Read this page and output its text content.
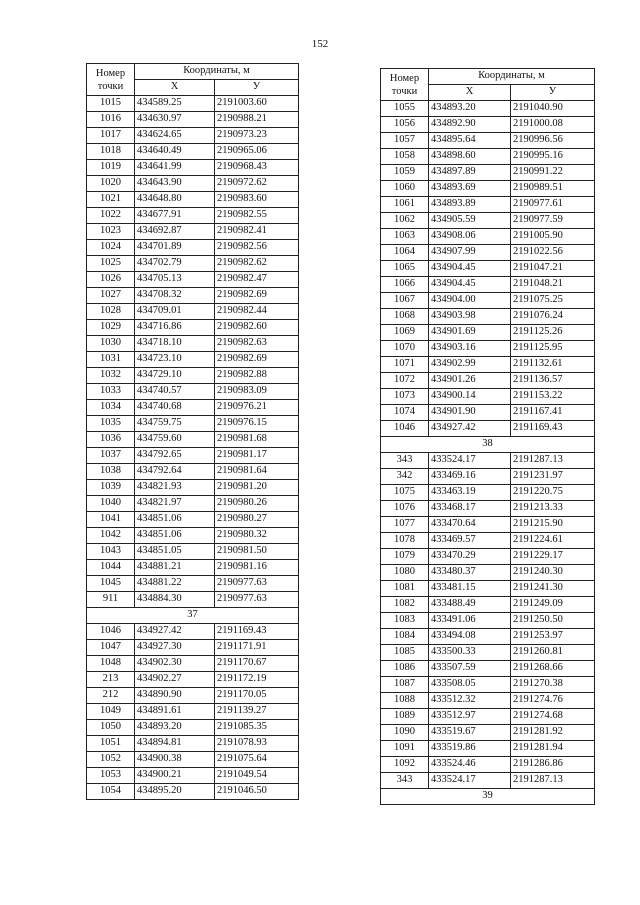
152
Номер
точки	Координаты, м	
	X	У
1015	434589.25	2191003.60
1016	434630.97	2190988.21
1017	434624.65	2190973.23
1018	434640.49	2190965.06
1019	434641.99	2190968.43
1020	434643.90	2190972.62
1021	434648.80	2190983.60
1022	434677.91	2190982.55
1023	434692.87	2190982.41
1024	434701.89	2190982.56
1025	434702.79	2190982.62
1026	434705.13	2190982.47
1027	434708.32	2190982.69
1028	434709.01	2190982.44
1029	434716.86	2190982.60
1030	434718.10	2190982.63
1031	434723.10	2190982.69
1032	434729.10	2190982.88
1033	434740.57	2190983.09
1034	434740.68	2190976.21
1035	434759.75	2190976.15
1036	434759.60	2190981.68
1037	434792.65	2190981.17
1038	434792.64	2190981.64
1039	434821.93	2190981.20
1040	434821.97	2190980.26
1041	434851.06	2190980.27
1042	434851.06	2190980.32
1043	434851.05	2190981.50
1044	434881.21	2190981.16
1045	434881.22	2190977.63
911	434884.30	2190977.63
37		
1046	434927.42	2191169.43
1047	434927.30	2191171.91
1048	434902.30	2191170.67
213	434902.27	2191172.19
212	434890.90	2191170.05
1049	434891.61	2191139.27
1050	434893.20	2191085.35
1051	434894.81	2191078.93
1052	434900.38	2191075.64
1053	434900.21	2191049.54
1054	434895.20	2191046.50
Номер
точки	Координаты, м	
	X	У
1055	434893.20	2191040.90
1056	434892.90	2191000.08
1057	434895.64	2190996.56
1058	434898.60	2190995.16
1059	434897.89	2190991.22
1060	434893.69	2190989.51
1061	434893.89	2190977.61
1062	434905.59	2190977.59
1063	434908.06	2191005.90
1064	434907.99	2191022.56
1065	434904.45	2191047.21
1066	434904.45	2191048.21
1067	434904.00	2191075.25
1068	434903.98	2191076.24
1069	434901.69	2191125.26
1070	434903.16	2191125.95
1071	434902.99	2191132.61
1072	434901.26	2191136.57
1073	434900.14	2191153.22
1074	434901.90	2191167.41
1046	434927.42	2191169.43
38		
343	433524.17	2191287.13
342	433469.16	2191231.97
1075	433463.19	2191220.75
1076	433468.17	2191213.33
1077	433470.64	2191215.90
1078	433469.57	2191224.61
1079	433470.29	2191229.17
1080	433480.37	2191240.30
1081	433481.15	2191241.30
1082	433488.49	2191249.09
1083	433491.06	2191250.50
1084	433494.08	2191253.97
1085	433500.33	2191260.81
1086	433507.59	2191268.66
1087	433508.05	2191270.38
1088	433512.32	2191274.76
1089	433512.97	2191274.68
1090	433519.67	2191281.92
1091	433519.86	2191281.94
1092	433524.46	2191286.86
343	433524.17	2191287.13
39		
